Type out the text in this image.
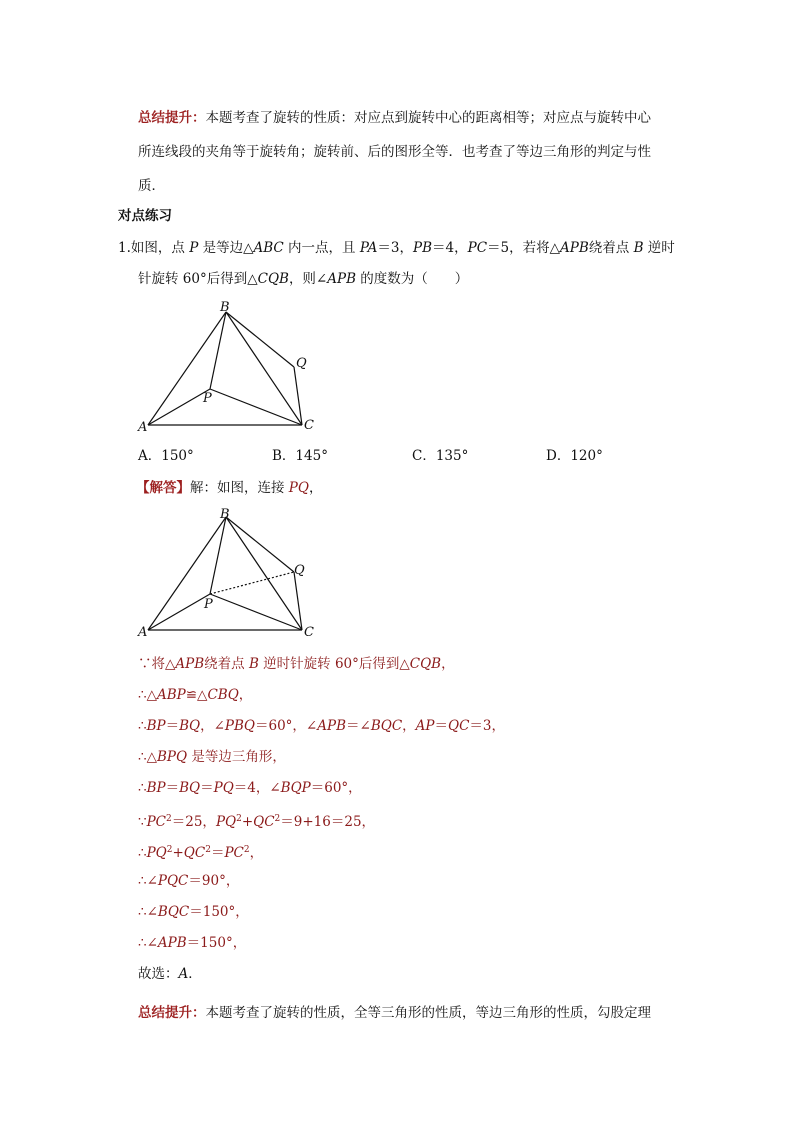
总结提升：本题考查了旋转的性质：对应点到旋转中心的距离相等；对应点与旋转中心
所连线段的夹角等于旋转角；旋转前、后的图形全等．也考查了等边三角形的判定与性
质．
对点练习
1.如图，点 P 是等边△ABC 内一点，且 PA＝3，PB＝4，PC＝5，若将△APB绕着点 B 逆时
针旋转 60°后得到△CQB，则∠APB 的度数为（　　）
B
A	C
P
Q
A．150°	B．145°	C．135°	D．120°
【解答】解：如图，连接 PQ，
B
A	C
P
Q
∵将△APB绕着点 B 逆时针旋转 60°后得到△CQB，
∴△ABP≌△CBQ，
∴BP＝BQ，∠PBQ＝60°，∠APB＝∠BQC，AP＝QC＝3，
∴△BPQ 是等边三角形，
∴BP＝BQ＝PQ＝4，∠BQP＝60°，
$\because PC^2=25$，$PQ^2+QC^2=9+16=25$，
$\therefore PQ^2+QC^2=PC^2$，
∴∠PQC＝90°，
∴∠BQC＝150°，
∴∠APB＝150°，
故选：A．
总结提升：本题考查了旋转的性质，全等三角形的性质，等边三角形的性质，勾股定理
